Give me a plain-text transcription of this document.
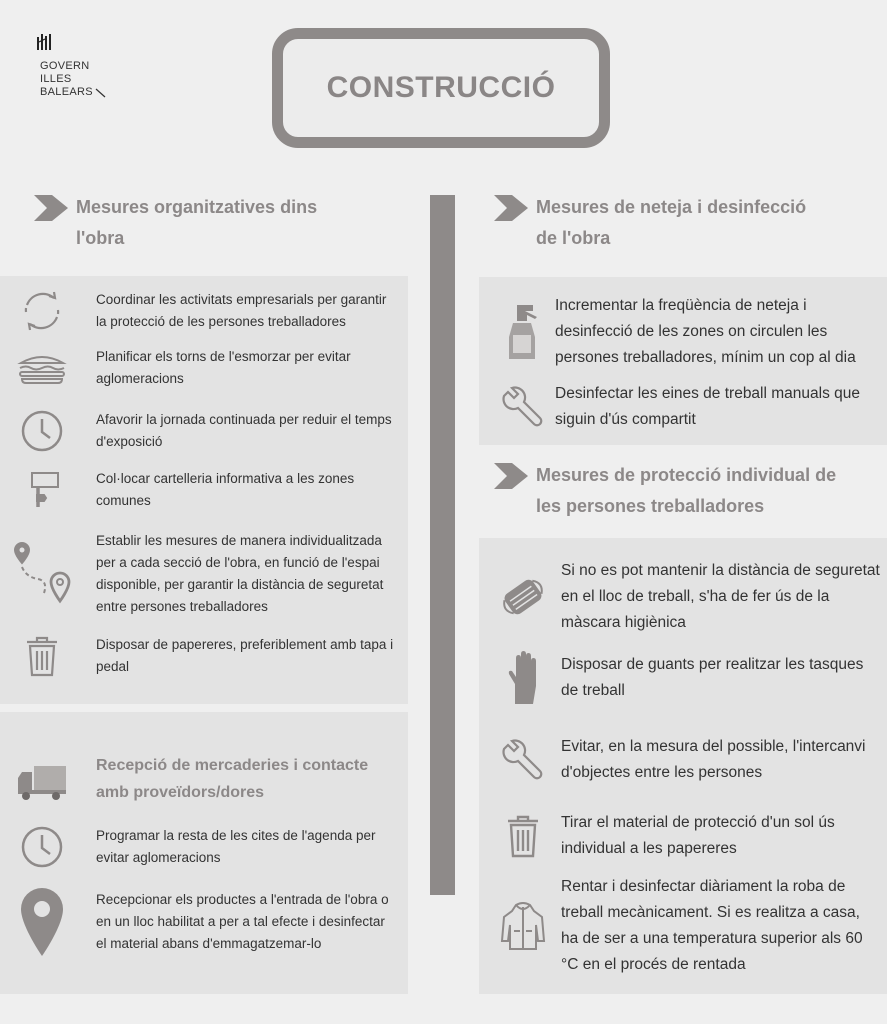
GOVERN
ILLES
BALEARS	CONSTRUCCIÓ
Mesures organitzatives dins
l'obra
Coordinar les activitats empresarials per garantir la protecció de les persones treballadores
Planificar els torns de l'esmorzar per evitar aglomeracions
Afavorir la jornada continuada per reduir el temps d'exposició
Col·locar cartelleria informativa a les zones comunes
Establir les mesures de manera individualitzada per a cada secció de l'obra, en funció de l'espai disponible, per garantir la distància de seguretat entre persones treballadores
Disposar de papereres, preferiblement amb tapa i pedal
Recepció de mercaderies i contacte
amb proveïdors/dores
Programar la resta de les cites de l'agenda per evitar aglomeracions
Recepcionar els productes a l'entrada de l'obra o en un lloc habilitat a per a tal efecte i desinfectar el material abans d'emmagatzemar-lo
Mesures de neteja i desinfecció
de l'obra
Incrementar la freqüència de neteja i desinfecció de les zones on circulen les persones treballadores, mínim un cop al dia
Desinfectar les eines de treball manuals que siguin d'ús compartit
Mesures de protecció individual de
les persones treballadores
Si no es pot mantenir la distància de seguretat en el lloc de treball, s'ha de fer ús de la màscara higiènica
Disposar de guants per realitzar les tasques de treball
Evitar, en la mesura del possible, l'intercanvi d'objectes entre les persones
Tirar el material de protecció d'un sol ús individual a les papereres
Rentar i desinfectar diàriament la roba de treball mecànicament. Si es realitza a casa, ha de ser a una temperatura superior als 60 °C en el procés de rentada
